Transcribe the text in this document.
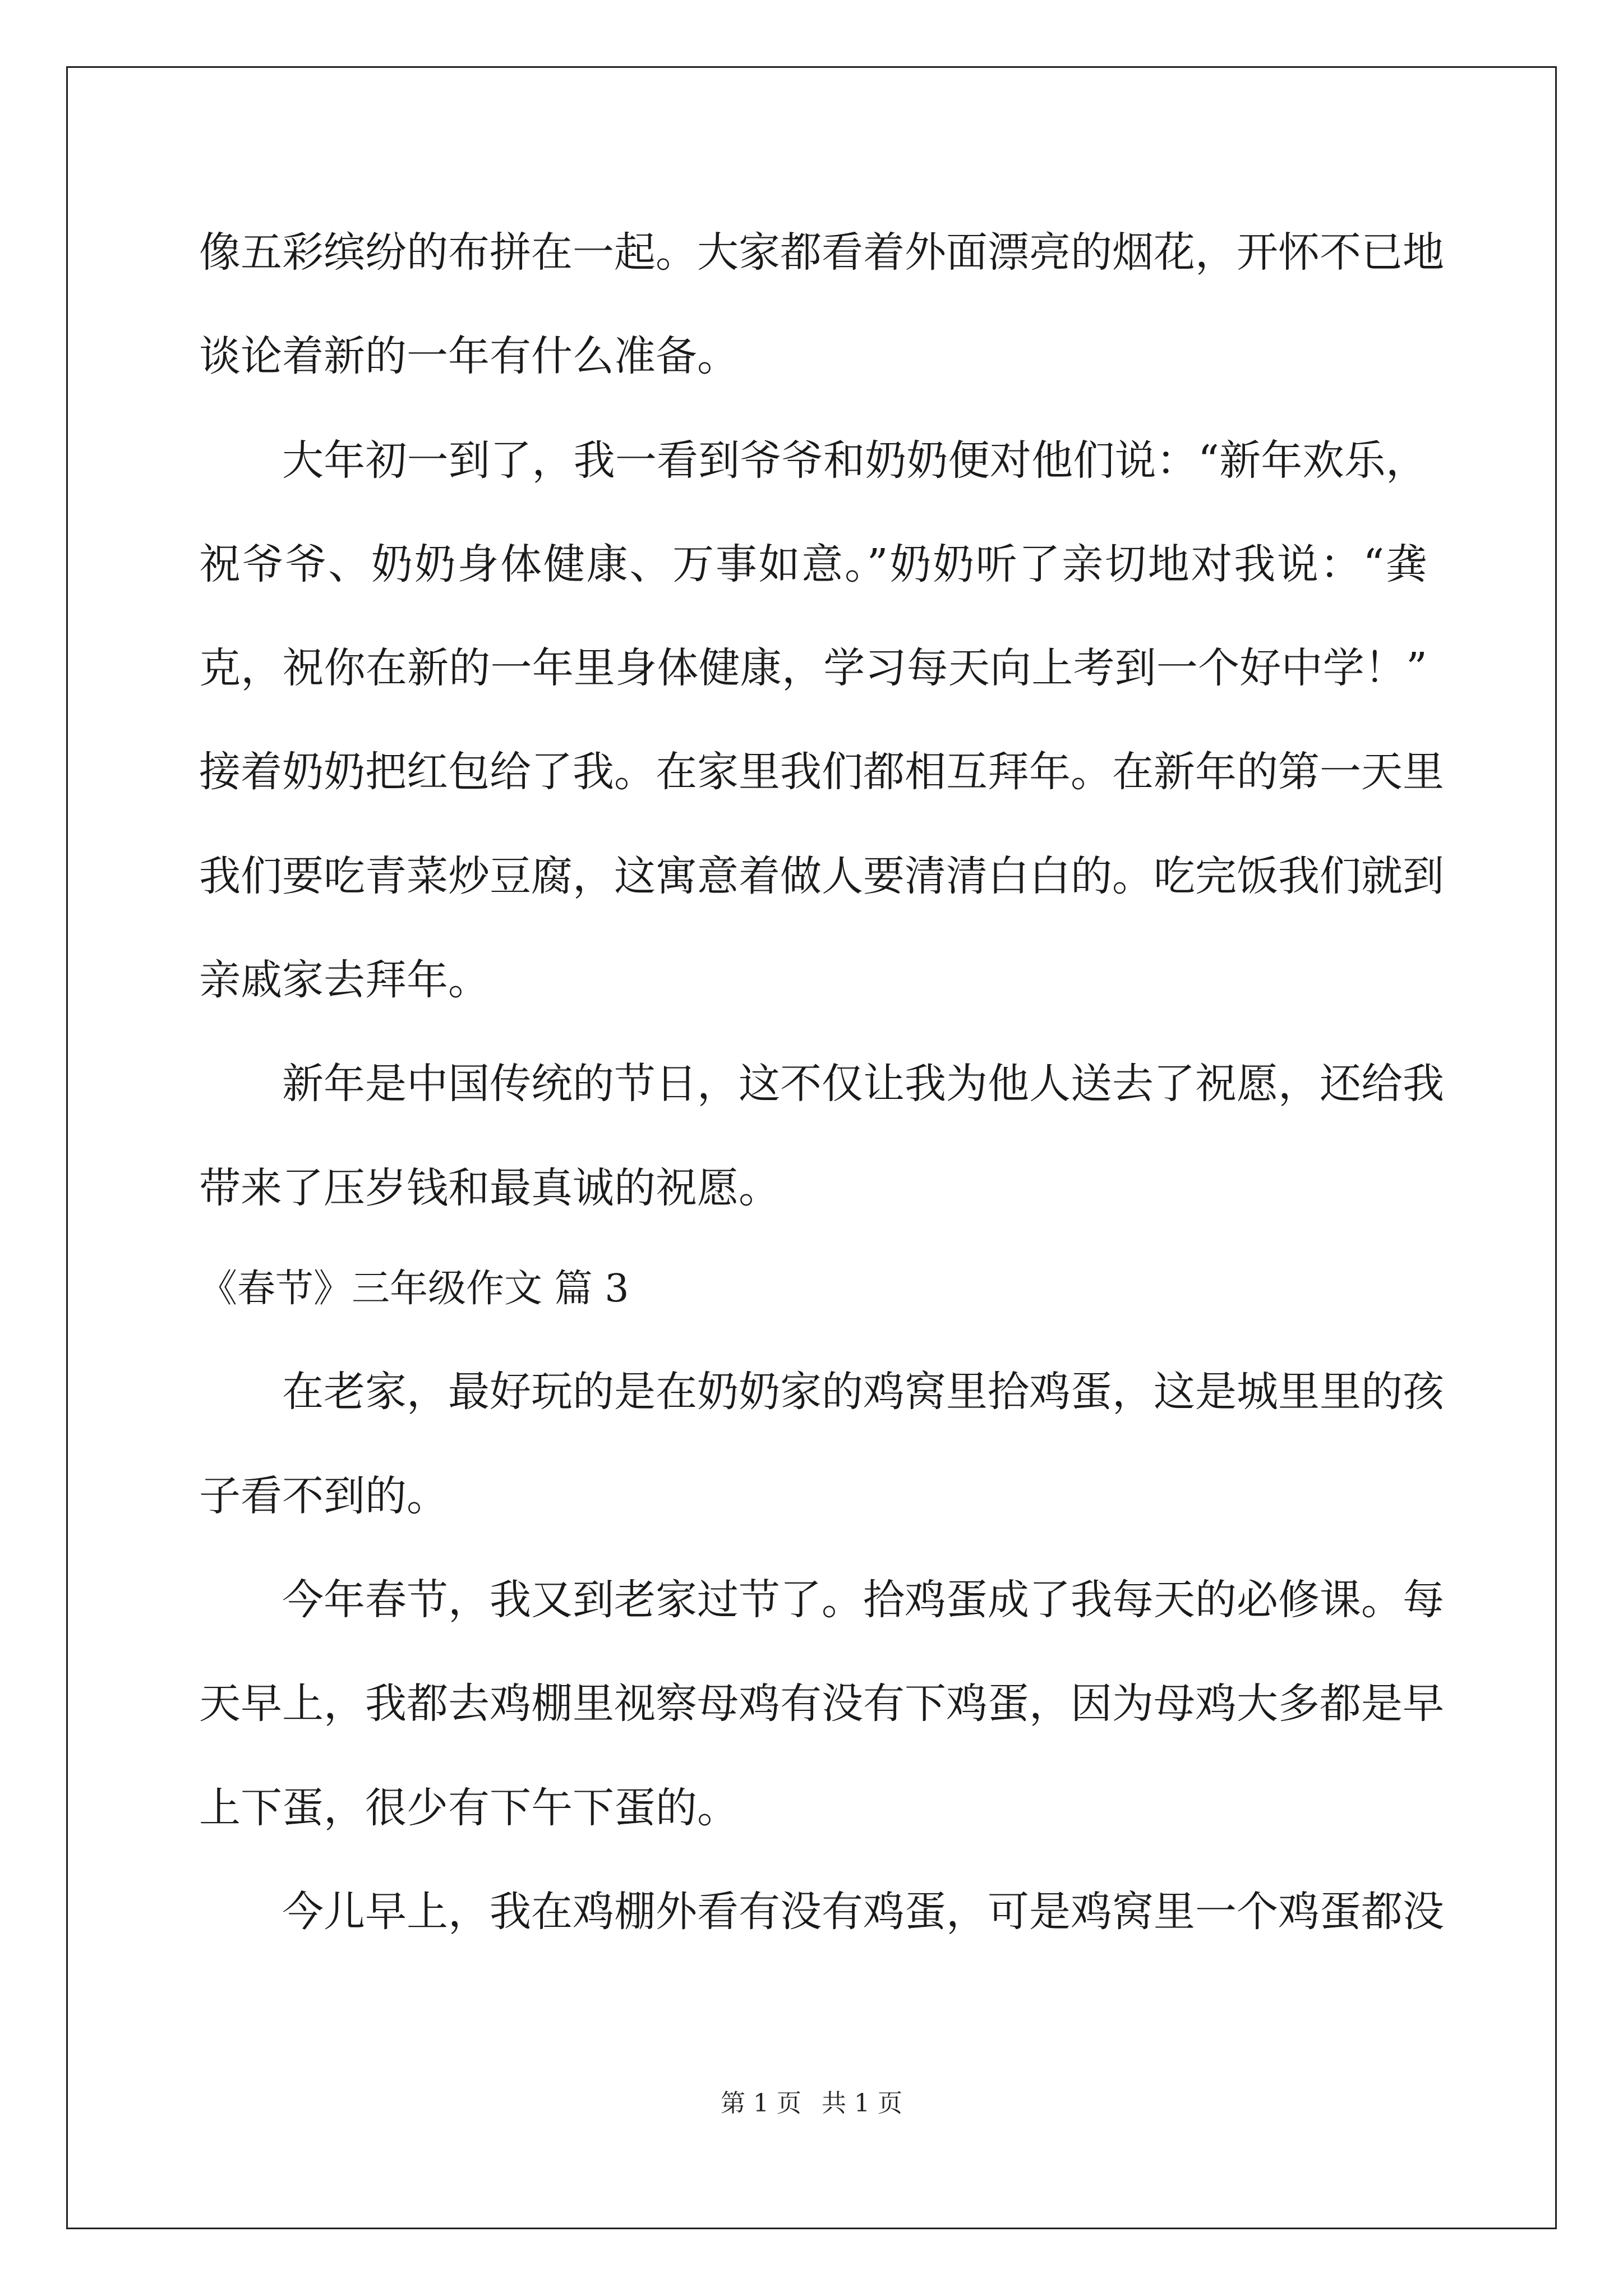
像五彩缤纷的布拼在一起。大家都看着外面漂亮的烟花，开怀不已地
谈论着新的一年有什么准备。
大年初一到了，我一看到爷爷和奶奶便对他们说：“新年欢乐，
祝爷爷、奶奶身体健康、万事如意。”奶奶听了亲切地对我说：“龚
克，祝你在新的一年里身体健康，学习每天向上考到一个好中学！”
接着奶奶把红包给了我。在家里我们都相互拜年。在新年的第一天里
我们要吃青菜炒豆腐，这寓意着做人要清清白白的。吃完饭我们就到
亲戚家去拜年。
新年是中国传统的节日，这不仅让我为他人送去了祝愿，还给我
带来了压岁钱和最真诚的祝愿。
《春节》三年级作文 篇 3
在老家，最好玩的是在奶奶家的鸡窝里拾鸡蛋，这是城里里的孩
子看不到的。
今年春节，我又到老家过节了。拾鸡蛋成了我每天的必修课。每
天早上，我都去鸡棚里视察母鸡有没有下鸡蛋，因为母鸡大多都是早
上下蛋，很少有下午下蛋的。
今儿早上，我在鸡棚外看有没有鸡蛋，可是鸡窝里一个鸡蛋都没
第 1 页 共 1 页
